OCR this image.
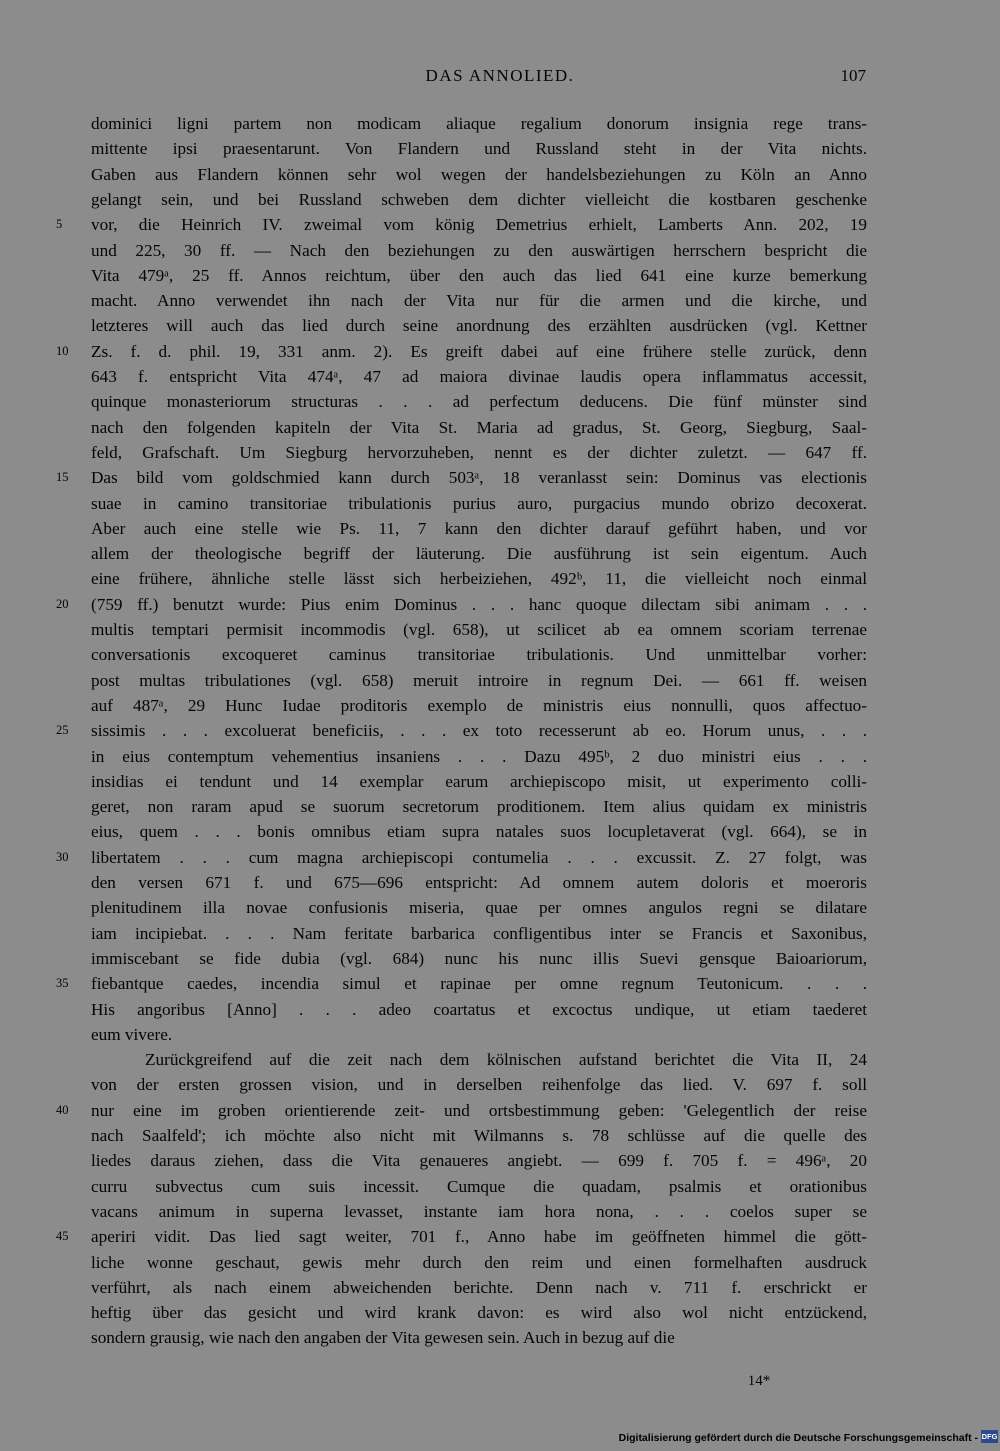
DAS ANNOLIED.	107
dominici ligni partem non modicam aliaque regalium donorum insignia rege trans-
mittente ipsi praesentarunt. Von Flandern und Russland steht in der Vita nichts.
Gaben aus Flandern können sehr wol wegen der handelsbeziehungen zu Köln an Anno
gelangt sein, und bei Russland schweben dem dichter vielleicht die kostbaren geschenke
vor, die Heinrich IV. zweimal vom könig Demetrius erhielt, Lamberts Ann. 202, 19
5
und 225, 30 ff. — Nach den beziehungen zu den auswärtigen herrschern bespricht die
Vita 479ᵃ, 25 ff. Annos reichtum, über den auch das lied 641 eine kurze bemerkung
macht. Anno verwendet ihn nach der Vita nur für die armen und die kirche, und
letzteres will auch das lied durch seine anordnung des erzählten ausdrücken (vgl. Kettner
Zs. f. d. phil. 19, 331 anm. 2). Es greift dabei auf eine frühere stelle zurück, denn
10
643 f. entspricht Vita 474ᵃ, 47 ad maiora divinae laudis opera inflammatus accessit,
quinque monasteriorum structuras . . . ad perfectum deducens. Die fünf münster sind
nach den folgenden kapiteln der Vita St. Maria ad gradus, St. Georg, Siegburg, Saal-
feld, Grafschaft. Um Siegburg hervorzuheben, nennt es der dichter zuletzt. — 647 ff.
Das bild vom goldschmied kann durch 503ᵃ, 18 veranlasst sein: Dominus vas electionis
15
suae in camino transitoriae tribulationis purius auro, purgacius mundo obrizo decoxerat.
Aber auch eine stelle wie Ps. 11, 7 kann den dichter darauf geführt haben, und vor
allem der theologische begriff der läuterung. Die ausführung ist sein eigentum. Auch
eine frühere, ähnliche stelle lässt sich herbeiziehen, 492ᵇ, 11, die vielleicht noch einmal
(759 ff.) benutzt wurde: Pius enim Dominus . . . hanc quoque dilectam sibi animam . . .
20
multis temptari permisit incommodis (vgl. 658), ut scilicet ab ea omnem scoriam terrenae
conversationis excoqueret caminus transitoriae tribulationis. Und unmittelbar vorher:
post multas tribulationes (vgl. 658) meruit introire in regnum Dei. — 661 ff. weisen
auf 487ᵃ, 29 Hunc Iudae proditoris exemplo de ministris eius nonnulli, quos affectuo-
sissimis . . . excoluerat beneficiis, . . . ex toto recesserunt ab eo. Horum unus, . . .
25
in eius contemptum vehementius insaniens . . . Dazu 495ᵇ, 2 duo ministri eius . . .
insidias ei tendunt und 14 exemplar earum archiepiscopo misit, ut experimento colli-
geret, non raram apud se suorum secretorum proditionem. Item alius quidam ex ministris
eius, quem . . . bonis omnibus etiam supra natales suos locupletaverat (vgl. 664), se in
libertatem . . . cum magna archiepiscopi contumelia . . . excussit. Z. 27 folgt, was
30
den versen 671 f. und 675—696 entspricht: Ad omnem autem doloris et moeroris
plenitudinem illa novae confusionis miseria, quae per omnes angulos regni se dilatare
iam incipiebat. . . . Nam feritate barbarica confligentibus inter se Francis et Saxonibus,
immiscebant se fide dubia (vgl. 684) nunc his nunc illis Suevi gensque Baioariorum,
fiebantque caedes, incendia simul et rapinae per omne regnum Teutonicum. . . .
35
His angoribus [Anno] . . . adeo coartatus et excoctus undique, ut etiam taederet
eum vivere.
Zurückgreifend auf die zeit nach dem kölnischen aufstand berichtet die Vita II, 24
von der ersten grossen vision, und in derselben reihenfolge das lied. V. 697 f. soll
nur eine im groben orientierende zeit- und ortsbestimmung geben: 'Gelegentlich der reise
40
nach Saalfeld'; ich möchte also nicht mit Wilmanns s. 78 schlüsse auf die quelle des
liedes daraus ziehen, dass die Vita genaueres angiebt. — 699 f. 705 f. = 496ᵃ, 20
curru subvectus cum suis incessit. Cumque die quadam, psalmis et orationibus
vacans animum in superna levasset, instante iam hora nona, . . . coelos super se
aperiri vidit. Das lied sagt weiter, 701 f., Anno habe im geöffneten himmel die gött-
45
liche wonne geschaut, gewis mehr durch den reim und einen formelhaften ausdruck
verführt, als nach einem abweichenden berichte. Denn nach v. 711 f. erschrickt er
heftig über das gesicht und wird krank davon: es wird also wol nicht entzückend,
sondern grausig, wie nach den angaben der Vita gewesen sein. Auch in bezug auf die
14*
Digitalisierung gefördert durch die Deutsche Forschungsgemeinschaft - DFG
